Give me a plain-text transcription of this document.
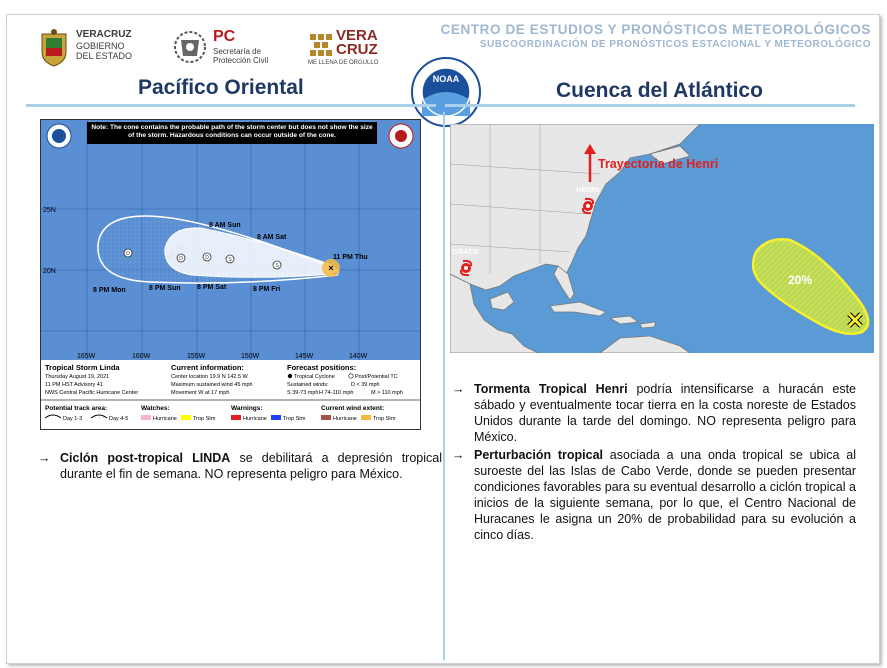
VERACRUZ
GOBIERNO
DEL ESTADO
PC
Secretaría de
Protección Civil
VERA
CRUZ
ME LLENA DE ORGULLO
CENTRO DE ESTUDIOS Y PRONÓSTICOS METEOROLÓGICOS
SUBCOORDINACIÓN DE PRONÓSTICOS ESTACIONAL Y METEOROLÓGICO
NOAA
Pacífico Oriental	Cuenca del Atlántico
Note: The cone contains the probable path of the storm center but does not show the size of the storm. Hazardous conditions can occur outside of the cone.
D
D	D	S
S	×
8 AM Sun
8 AM Sat
11 PM Thu
8 PM Mon	8 PM Sun 8 PM Sat	8 PM Fri
25N
20N
165W	160W	155W	150W	145W	140W
Tropical Storm Linda
Thursday August 19, 2021
11 PM HST Advisory 41
NWS Central Pacific Hurricane Center
Current information:
Center location 19.9 N 142.5 W
Maximum sustained wind 45 mph
Movement W at 17 mph
Forecast positions:
Tropical Cyclone	Post/Potential TC
Sustained winds:	D < 39 mph
S 39-73 mph H 74-110 mph	M > 110 mph
Potential track area:
Day 1-3	Day 4-5
Watches:
Hurricane	Trop Stm
Warnings:
Hurricane	Trop Stm
Current wind extent:
Hurricane	Trop Stm
→ Ciclón post-tropical LINDA se debilitará a depresión tropical durante el fin de semana. NO representa peligro para México.
Trayectoria de Henri
HENRI
GRACE
20%
→ Tormenta Tropical Henri podría intensificarse a huracán este sábado y eventualmente tocar tierra en la costa noreste de Estados Unidos durante la tarde del domingo. NO representa peligro para México.
→ Perturbación tropical asociada a una onda tropical se ubica al suroeste del las Islas de Cabo Verde, donde se pueden presentar condiciones favorables para su eventual desarrollo a ciclón tropical a inicios de la siguiente semana, por lo que, el Centro Nacional de Huracanes le asigna un 20% de probabilidad para su evolución a cinco días.
